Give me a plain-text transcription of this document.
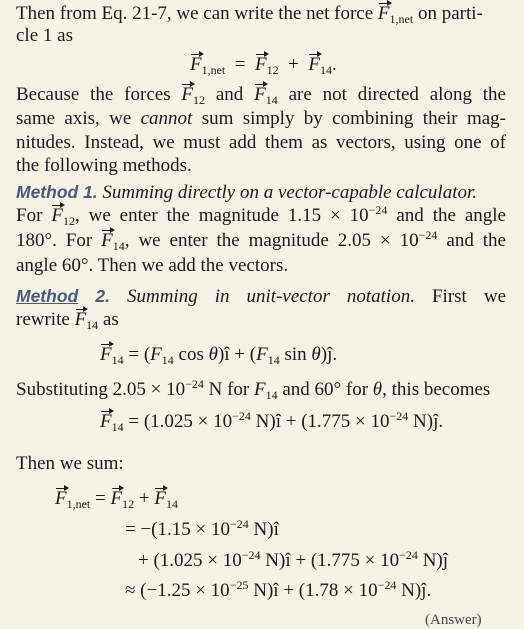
Then from Eq. 21-7, we can write the net force $F_{1,net}$ on parti-
cle 1 as
$F_{1,net} = F_{12} + F_{14}$.
Because the forces $F_{12}$ and $F_{14}$ are not directed along the
same axis, we cannot sum simply by combining their mag-
nitudes. Instead, we must add them as vectors, using one of
the following methods.
Method 1. Summing directly on a vector-capable calculator.
For $F_{12}$, we enter the magnitude $1.15 \times 10^{-24}$ and the angle
180°. For $F_{14}$, we enter the magnitude $2.05 \times 10^{-24}$ and the
angle 60°. Then we add the vectors.
Method 2. Summing in unit-vector notation. First we
rewrite $F_{14}$ as
$F_{14} = (F_{14}$ cos θ)î + ($F_{14}$ sin θ)ĵ.
Substituting $2.05 \times 10^{-24}$ N for $F_{14}$ and 60° for θ, this becomes
$F_{14} = (1.025 \times 10^{-24}$ N)î + ($1.775 \times 10^{-24}$ N)ĵ.
Then we sum:
$F_{1,net} = F_{12} + F_{14}$
= $-(1.15 \times 10^{-24}$ N)î
+ ($1.025 \times 10^{-24}$ N)î + ($1.775 \times 10^{-24}$ N)ĵ
≈ ($-1.25 \times 10^{-25}$ N)î + ($1.78 \times 10^{-24}$ N)ĵ.
(Answer)
